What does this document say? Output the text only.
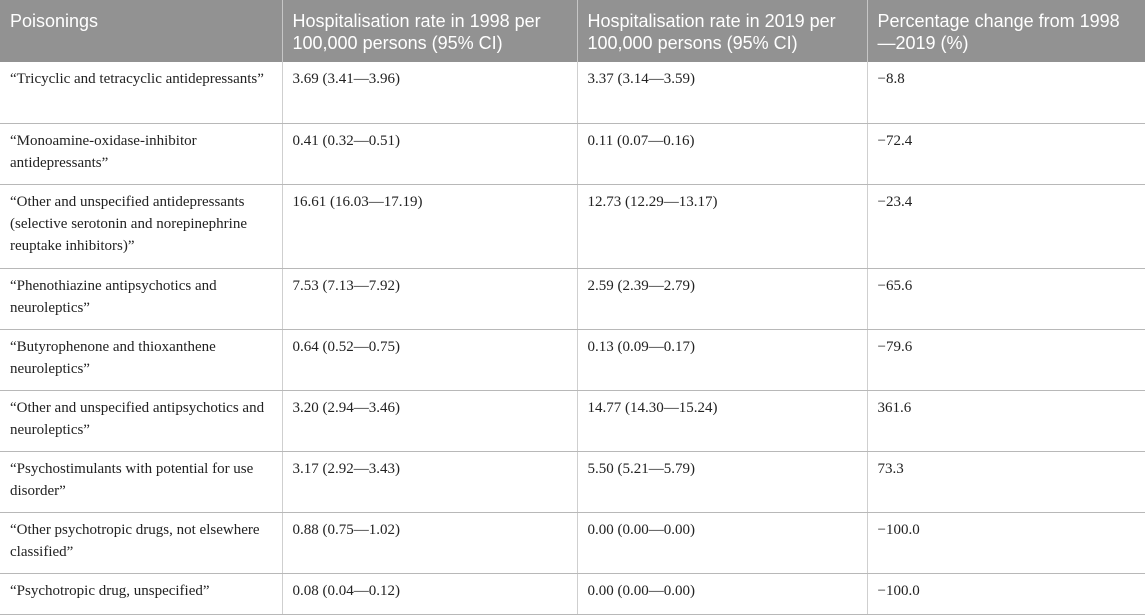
Poisonings	Hospitalisation rate in 1998 per 100,000 persons (95% CI)	Hospitalisation rate in 2019 per 100,000 persons (95% CI)	Percentage change from 1998—2019 (%)
“Tricyclic and tetracyclic antidepressants”	3.69 (3.41—3.96)	3.37 (3.14—3.59)	−8.8
“Monoamine-oxidase-inhibitor antidepressants”	0.41 (0.32—0.51)	0.11 (0.07—0.16)	−72.4
“Other and unspecified antidepressants (selective serotonin and norepinephrine reuptake inhibitors)”	16.61 (16.03—17.19)	12.73 (12.29—13.17)	−23.4
“Phenothiazine antipsychotics and neuroleptics”	7.53 (7.13—7.92)	2.59 (2.39—2.79)	−65.6
“Butyrophenone and thioxanthene neuroleptics”	0.64 (0.52—0.75)	0.13 (0.09—0.17)	−79.6
“Other and unspecified antipsychotics and neuroleptics”	3.20 (2.94—3.46)	14.77 (14.30—15.24)	361.6
“Psychostimulants with potential for use disorder”	3.17 (2.92—3.43)	5.50 (5.21—5.79)	73.3
“Other psychotropic drugs, not elsewhere classified”	0.88 (0.75—1.02)	0.00 (0.00—0.00)	−100.0
“Psychotropic drug, unspecified”	0.08 (0.04—0.12)	0.00 (0.00—0.00)	−100.0
